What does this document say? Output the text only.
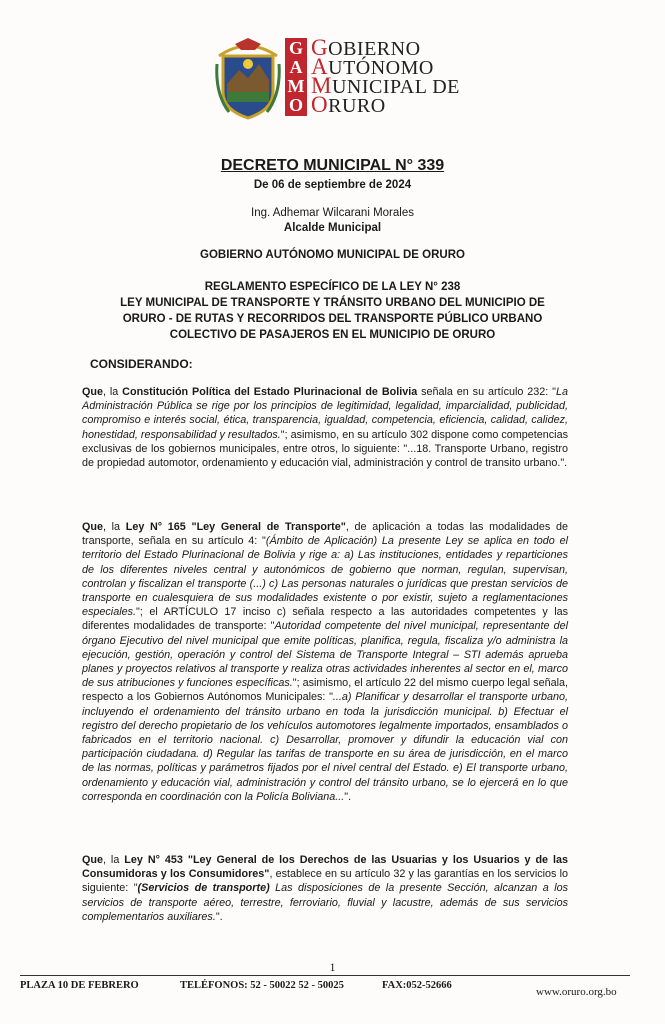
G
A
M
O
GOBIERNO
AUTÓNOMO
MUNICIPAL DE
ORURO
DECRETO MUNICIPAL N° 339
De 06 de septiembre de 2024
Ing. Adhemar Wilcarani Morales
Alcalde Municipal
GOBIERNO AUTÓNOMO MUNICIPAL DE ORURO
REGLAMENTO ESPECÍFICO DE LA LEY N° 238
LEY MUNICIPAL DE TRANSPORTE Y TRÁNSITO URBANO DEL MUNICIPIO DE
ORURO - DE RUTAS Y RECORRIDOS DEL TRANSPORTE PÚBLICO URBANO
COLECTIVO DE PASAJEROS EN EL MUNICIPIO DE ORURO
CONSIDERANDO:
Que, la Constitución Política del Estado Plurinacional de Bolivia señala en su artículo 232: "La Administración Pública se rige por los principios de legitimidad, legalidad, imparcialidad, publicidad, compromiso e interés social, ética, transparencia, igualdad, competencia, eficiencia, calidad, calidez, honestidad, responsabilidad y resultados."; asimismo, en su artículo 302 dispone como competencias exclusivas de los gobiernos municipales, entre otros, lo siguiente: "...18. Transporte Urbano, registro de propiedad automotor, ordenamiento y educación vial, administración y control de transito urbano.".
Que, la Ley N° 165 "Ley General de Transporte", de aplicación a todas las modalidades de transporte, señala en su artículo 4: "(Ámbito de Aplicación) La presente Ley se aplica en todo el territorio del Estado Plurinacional de Bolivia y rige a: a) Las instituciones, entidades y reparticiones de los diferentes niveles central y autonómicos de gobierno que norman, regulan, supervisan, controlan y fiscalizan el transporte (...) c) Las personas naturales o jurídicas que prestan servicios de transporte en cualesquiera de sus modalidades existente o por existir, sujeto a reglamentaciones especiales."; el ARTÍCULO 17 inciso c) señala respecto a las autoridades competentes y las diferentes modalidades de transporte: "Autoridad competente del nivel municipal, representante del órgano Ejecutivo del nivel municipal que emite políticas, planifica, regula, fiscaliza y/o administra la ejecución, gestión, operación y control del Sistema de Transporte Integral – STI además aprueba planes y proyectos relativos al transporte y realiza otras actividades inherentes al sector en el, marco de sus atribuciones y funciones específicas."; asimismo, el artículo 22 del mismo cuerpo legal señala, respecto a los Gobiernos Autónomos Municipales: "...a) Planificar y desarrollar el transporte urbano, incluyendo el ordenamiento del tránsito urbano en toda la jurisdicción municipal. b) Efectuar el registro del derecho propietario de los vehículos automotores legalmente importados, ensamblados o fabricados en el territorio nacional. c) Desarrollar, promover y difundir la educación vial con participación ciudadana. d) Regular las tarifas de transporte en su área de jurisdicción, en el marco de las normas, políticas y parámetros fijados por el nivel central del Estado. e) El transporte urbano, ordenamiento y educación vial, administración y control del tránsito urbano, se lo ejercerá en lo que corresponda en coordinación con la Policía Boliviana...".
Que, la Ley N° 453 "Ley General de los Derechos de las Usuarias y los Usuarios y de las Consumidoras y los Consumidores", establece en su artículo 32 y las garantías en los servicios lo siguiente: "(Servicios de transporte) Las disposiciones de la presente Sección, alcanzan a los servicios de transporte aéreo, terrestre, ferroviario, fluvial y lacustre, además de sus servicios complementarios auxiliares.".
1
PLAZA 10 DE FEBRERO	TELÉFONOS: 52 - 50022 52 - 50025	FAX:052-52666
www.oruro.org.bo
